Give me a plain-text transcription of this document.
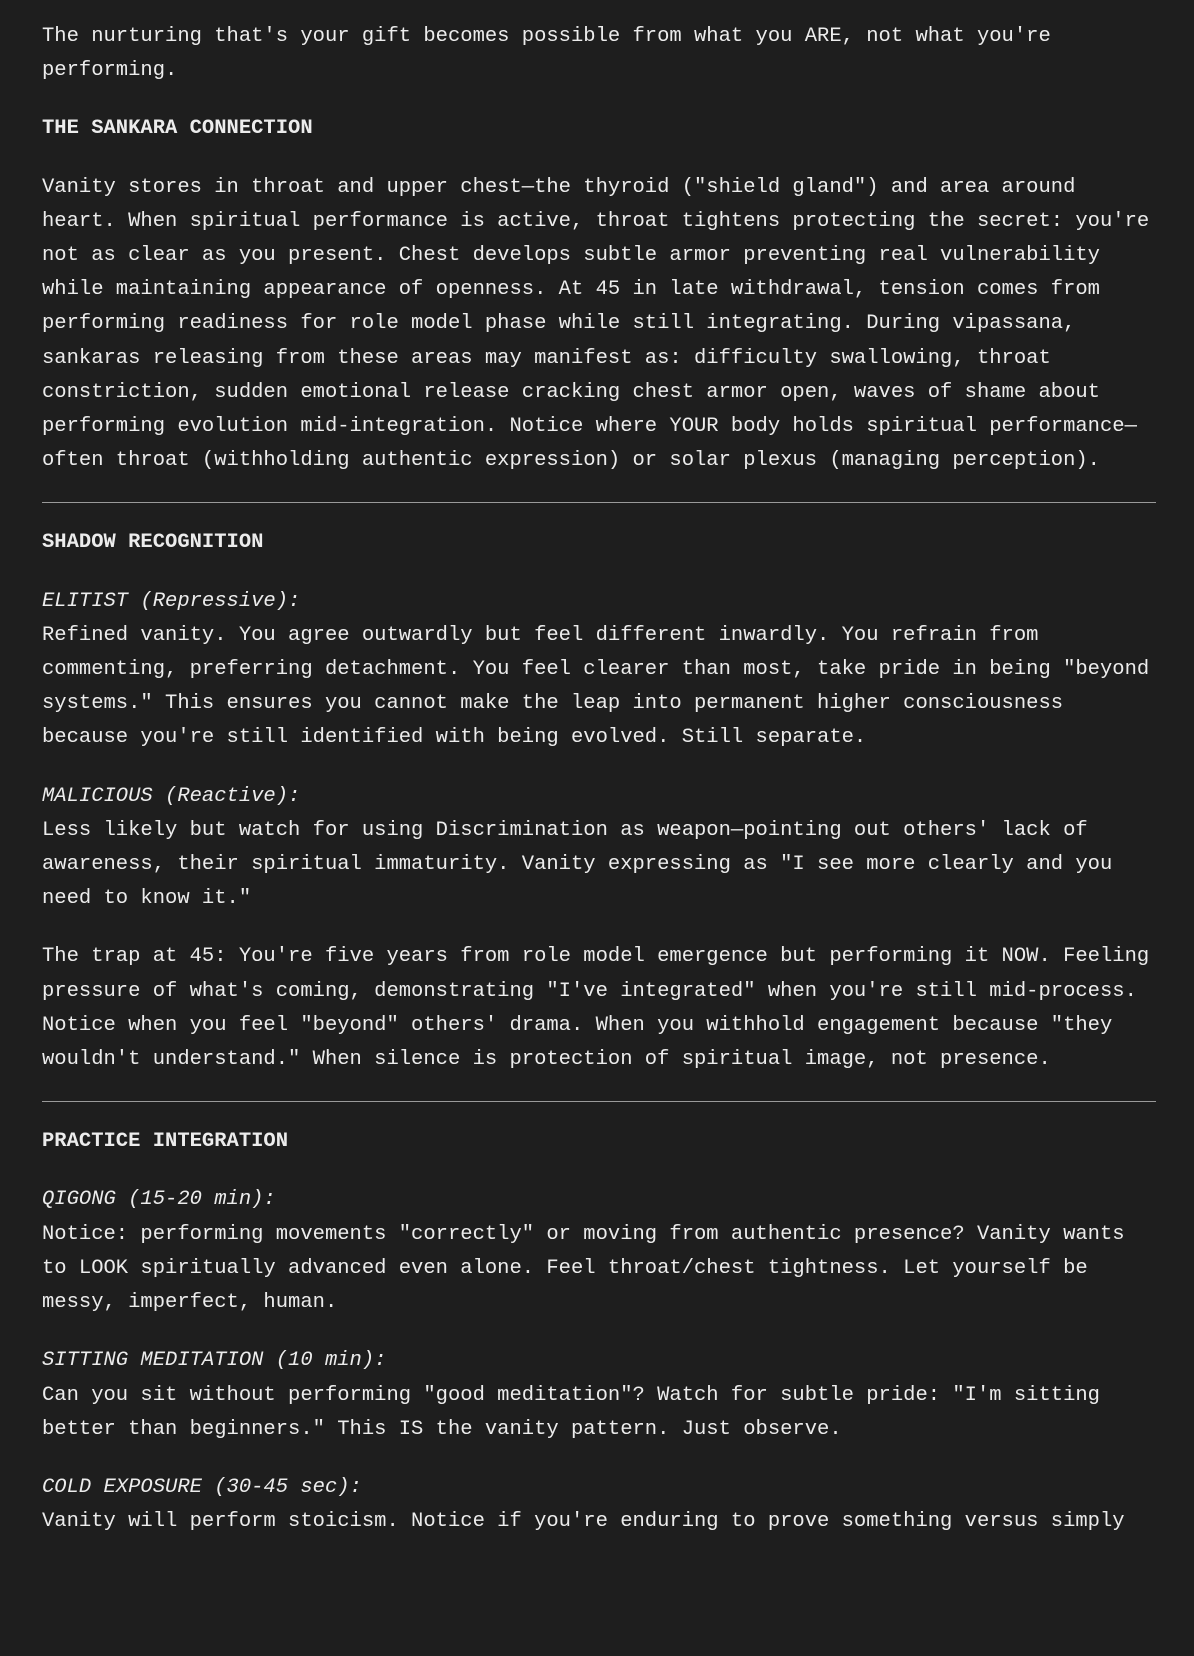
The nurturing that's your gift becomes possible from what you ARE, not what you're performing.

THE SANKARA CONNECTION

Vanity stores in throat and upper chest—the thyroid ("shield gland") and area around heart. When spiritual performance is active, throat tightens protecting the secret: you're not as clear as you present. Chest develops subtle armor preventing real vulnerability while maintaining appearance of openness. At 45 in late withdrawal, tension comes from performing readiness for role model phase while still integrating. During vipassana, sankaras releasing from these areas may manifest as: difficulty swallowing, throat constriction, sudden emotional release cracking chest armor open, waves of shame about performing evolution mid-integration. Notice where YOUR body holds spiritual performance—often throat (withholding authentic expression) or solar plexus (managing perception).

SHADOW RECOGNITION

ELITIST (Repressive):
Refined vanity. You agree outwardly but feel different inwardly. You refrain from commenting, preferring detachment. You feel clearer than most, take pride in being "beyond systems." This ensures you cannot make the leap into permanent higher consciousness because you're still identified with being evolved. Still separate.

MALICIOUS (Reactive):
Less likely but watch for using Discrimination as weapon—pointing out others' lack of awareness, their spiritual immaturity. Vanity expressing as "I see more clearly and you need to know it."

The trap at 45: You're five years from role model emergence but performing it NOW. Feeling pressure of what's coming, demonstrating "I've integrated" when you're still mid-process. Notice when you feel "beyond" others' drama. When you withhold engagement because "they wouldn't understand." When silence is protection of spiritual image, not presence.

PRACTICE INTEGRATION

QIGONG (15-20 min):
Notice: performing movements "correctly" or moving from authentic presence? Vanity wants to LOOK spiritually advanced even alone. Feel throat/chest tightness. Let yourself be messy, imperfect, human.

SITTING MEDITATION (10 min):
Can you sit without performing "good meditation"? Watch for subtle pride: "I'm sitting better than beginners." This IS the vanity pattern. Just observe.

COLD EXPOSURE (30-45 sec):
Vanity will perform stoicism. Notice if you're enduring to prove something versus simply
